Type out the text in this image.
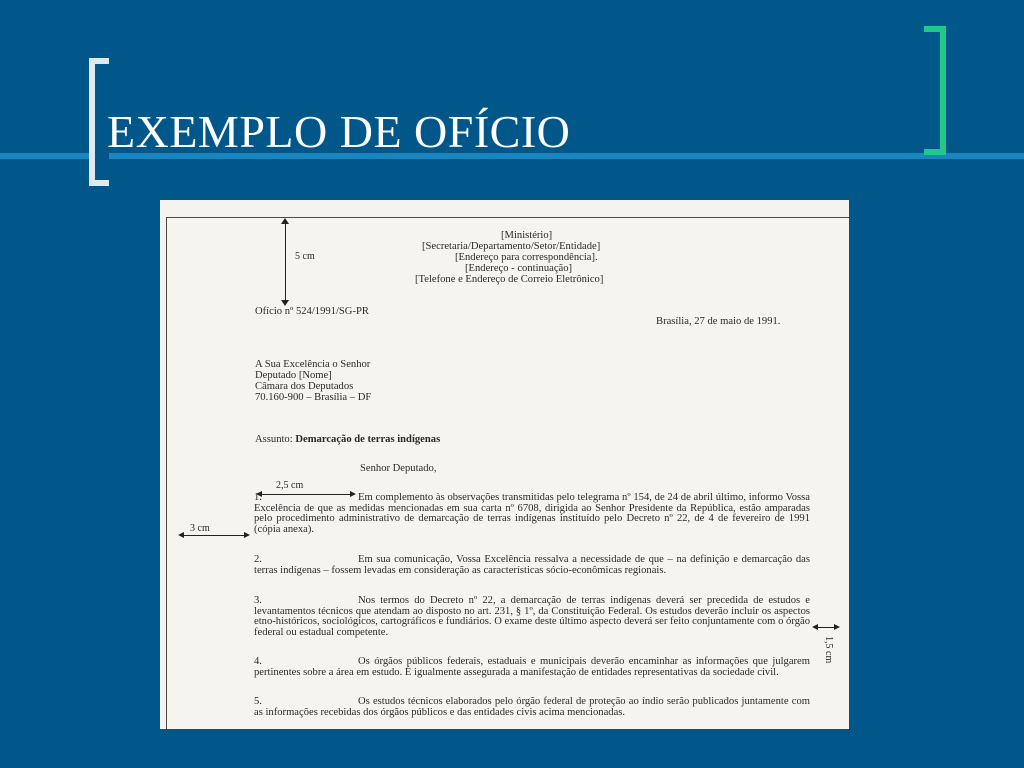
EXEMPLO DE OFÍCIO
[Ministério]
[Secretaria/Departamento/Setor/Entidade]
[Endereço para correspondência].
[Endereço - continuação]
[Telefone e Endereço de Correio Eletrônico]
5 cm
Ofício nº 524/1991/SG-PR
Brasília, 27 de maio de 1991.
A Sua Excelência o Senhor
Deputado [Nome]
Câmara dos Deputados
70.160-900 – Brasília – DF
Assunto: Demarcação de terras indígenas
Senhor Deputado,
2,5 cm
3 cm
1.	Em complemento às observações transmitidas pelo telegrama nº 154, de 24 de abril último, informo Vossa Excelência de que as medidas mencionadas em sua carta nº 6708, dirigida ao Senhor Presidente da República, estão amparadas pelo procedimento administrativo de demarcação de terras indígenas instituído pelo Decreto nº 22, de 4 de fevereiro de 1991 (cópia anexa).
2.	Em sua comunicação, Vossa Excelência ressalva a necessidade de que – na definição e demarcação das terras indígenas – fossem levadas em consideração as características sócio-econômicas regionais.
3.	Nos termos do Decreto nº 22, a demarcação de terras indígenas deverá ser precedida de estudos e levantamentos técnicos que atendam ao disposto no art. 231, § 1º, da Constituição Federal. Os estudos deverão incluir os aspectos etno-históricos, sociológicos, cartográficos e fundiários. O exame deste último aspecto deverá ser feito conjuntamente com o órgão federal ou estadual competente.
4.	Os órgãos públicos federais, estaduais e municipais deverão encaminhar as informações que julgarem pertinentes sobre a área em estudo. É igualmente assegurada a manifestação de entidades representativas da sociedade civil.
5.	Os estudos técnicos elaborados pelo órgão federal de proteção ao índio serão publicados juntamente com as informações recebidas dos órgãos públicos e das entidades civis acima mencionadas.
1,5 cm
